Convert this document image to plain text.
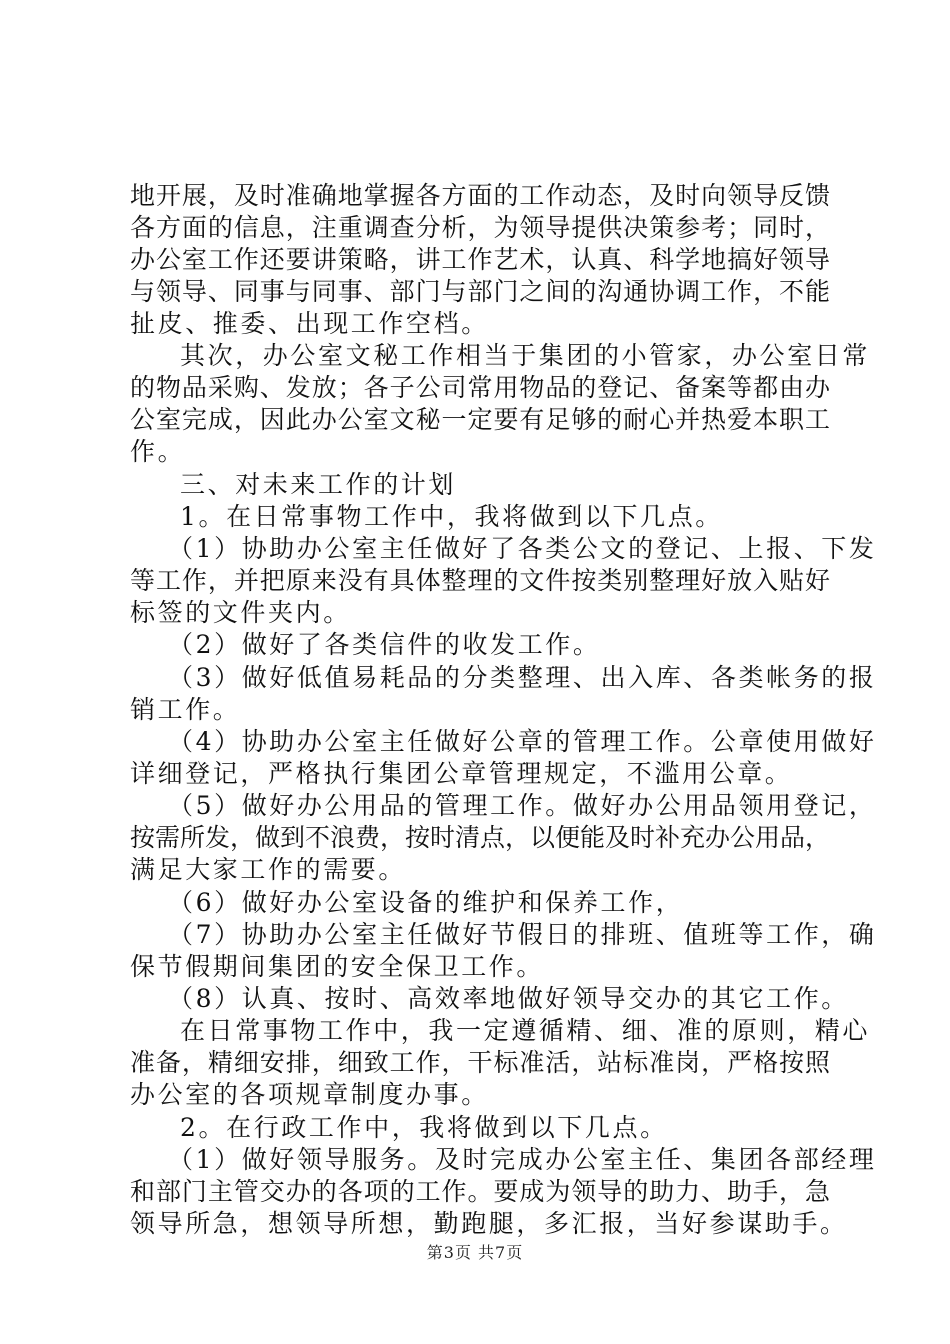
地开展，及时准确地掌握各方面的工作动态，及时向领导反馈
各方面的信息，注重调查分析，为领导提供决策参考；同时，
办公室工作还要讲策略，讲工作艺术，认真、科学地搞好领导
与领导、同事与同事、部门与部门之间的沟通协调工作，不能
扯皮、推委、出现工作空档。
其次，办公室文秘工作相当于集团的小管家，办公室日常
的物品采购、发放；各子公司常用物品的登记、备案等都由办
公室完成，因此办公室文秘一定要有足够的耐心并热爱本职工
作。
三、对未来工作的计划
1。在日常事物工作中，我将做到以下几点。
（1）协助办公室主任做好了各类公文的登记、上报、下发
等工作，并把原来没有具体整理的文件按类别整理好放入贴好
标签的文件夹内。
（2）做好了各类信件的收发工作。
（3）做好低值易耗品的分类整理、出入库、各类帐务的报
销工作。
（4）协助办公室主任做好公章的管理工作。公章使用做好
详细登记，严格执行集团公章管理规定，不滥用公章。
（5）做好办公用品的管理工作。做好办公用品领用登记，
按需所发，做到不浪费，按时清点，以便能及时补充办公用品，
满足大家工作的需要。
（6）做好办公室设备的维护和保养工作，
（7）协助办公室主任做好节假日的排班、值班等工作，确
保节假期间集团的安全保卫工作。
（8）认真、按时、高效率地做好领导交办的其它工作。
在日常事物工作中，我一定遵循精、细、准的原则，精心
准备，精细安排，细致工作，干标准活，站标准岗，严格按照
办公室的各项规章制度办事。
2。在行政工作中，我将做到以下几点。
（1）做好领导服务。及时完成办公室主任、集团各部经理
和部门主管交办的各项的工作。要成为领导的助力、助手，急
领导所急，想领导所想，勤跑腿，多汇报，当好参谋助手。
第3页 共7页
